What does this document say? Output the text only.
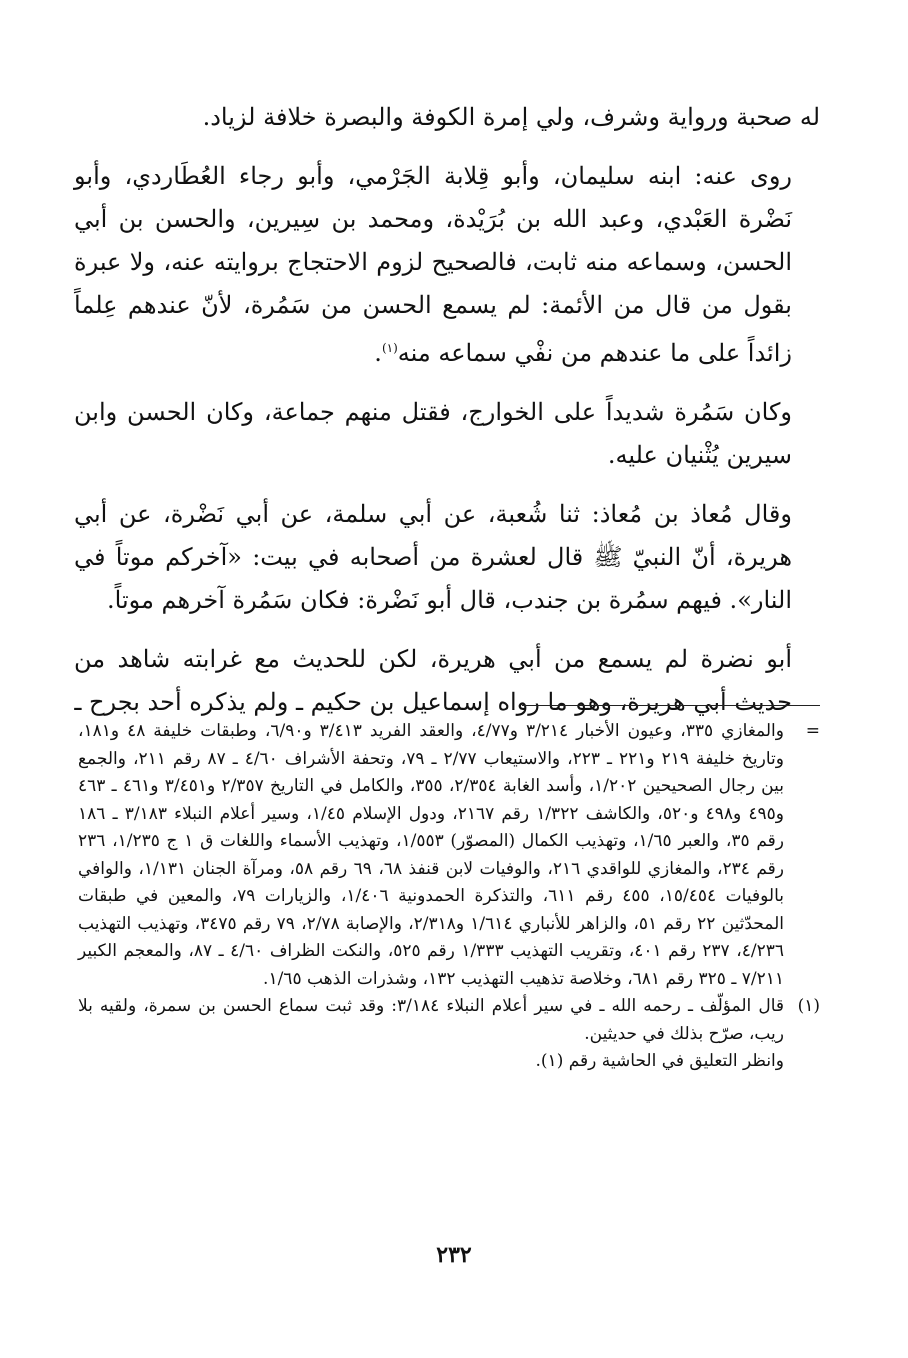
له صحبة ورواية وشرف، ولي إمرة الكوفة والبصرة خلافة لزياد.

روى عنه: ابنه سليمان، وأبو قِلابة الجَرْمي، وأبو رجاء العُطَاردي، وأبو نَضْرة العَبْدي، وعبد الله بن بُرَيْدة، ومحمد بن سِيرين، والحسن بن أبي الحسن، وسماعه منه ثابت، فالصحيح لزوم الاحتجاج بروايته عنه، ولا عبرة بقول من قال من الأئمة: لم يسمع الحسن من سَمُرة، لأنّ عندهم عِلماً زائداً على ما عندهم من نفْي سماعه منه$^{(١)}$.

وكان سَمُرة شديداً على الخوارج، فقتل منهم جماعة، وكان الحسن وابن سيرين يُثْنيان عليه.

وقال مُعاذ بن مُعاذ: ثنا شُعبة، عن أبي سلمة، عن أبي نَضْرة، عن أبي هريرة، أنّ النبيّ ﷺ قال لعشرة من أصحابه في بيت: «آخركم موتاً في النار». فيهم سمُرة بن جندب، قال أبو نَضْرة: فكان سَمُرة آخرهم موتاً.

أبو نضرة لم يسمع من أبي هريرة، لكن للحديث مع غرابته شاهد من حديث أبي هريرة، وهو ما رواه إسماعيل بن حكيم ـ ولم يذكره أحد بجرح ـ

=

والمغازي ٣٣٥، وعيون الأخبار ٣/٢١٤ و٤/٧٧، والعقد الفريد ٣/٤١٣ و٦/٩٠، وطبقات خليفة ٤٨ و١٨١، وتاريخ خليفة ٢١٩ و٢٢١ ـ ٢٢٣، والاستيعاب ٢/٧٧ ـ ٧٩، وتحفة الأشراف ٤/٦٠ ـ ٨٧ رقم ٢١١، والجمع بين رجال الصحيحين ١/٢٠٢، وأسد الغابة ٢/٣٥٤، ٣٥٥، والكامل في التاريخ ٢/٣٥٧ و٣/٤٥١ و٤٦١ ـ ٤٦٣ و٤٩٥ و٤٩٨ و٥٢٠، والكاشف ١/٣٢٢ رقم ٢١٦٧، ودول الإسلام ١/٤٥، وسير أعلام النبلاء ٣/١٨٣ ـ ١٨٦ رقم ٣٥، والعبر ١/٦٥، وتهذيب الكمال (المصوّر) ١/٥٥٣، وتهذيب الأسماء واللغات ق ١ ج ١/٢٣٥، ٢٣٦ رقم ٢٣٤، والمغازي للواقدي ٢١٦، والوفيات لابن قنفذ ٦٨، ٦٩ رقم ٥٨، ومرآة الجنان ١/١٣١، والوافي بالوفيات ١٥/٤٥٤، ٤٥٥ رقم ٦١١، والتذكرة الحمدونية ١/٤٠٦، والزيارات ٧٩، والمعين في طبقات المحدّثين ٢٢ رقم ٥١، والزاهر للأنباري ١/٦١٤ و٢/٣١٨، والإصابة ٢/٧٨، ٧٩ رقم ٣٤٧٥، وتهذيب التهذيب ٤/٢٣٦، ٢٣٧ رقم ٤٠١، وتقريب التهذيب ١/٣٣٣ رقم ٥٢٥، والنكت الظراف ٤/٦٠ ـ ٨٧، والمعجم الكبير ٧/٢١١ ـ ٣٢٥ رقم ٦٨١، وخلاصة تذهيب التهذيب ١٣٢، وشذرات الذهب ١/٦٥.

(١)

قال المؤلّف ـ رحمه الله ـ في سير أعلام النبلاء ٣/١٨٤: وقد ثبت سماع الحسن بن سمرة، ولقيه بلا ريب، صرّح بذلك في حديثين.

وانظر التعليق في الحاشية رقم (١).

٢٣٢
